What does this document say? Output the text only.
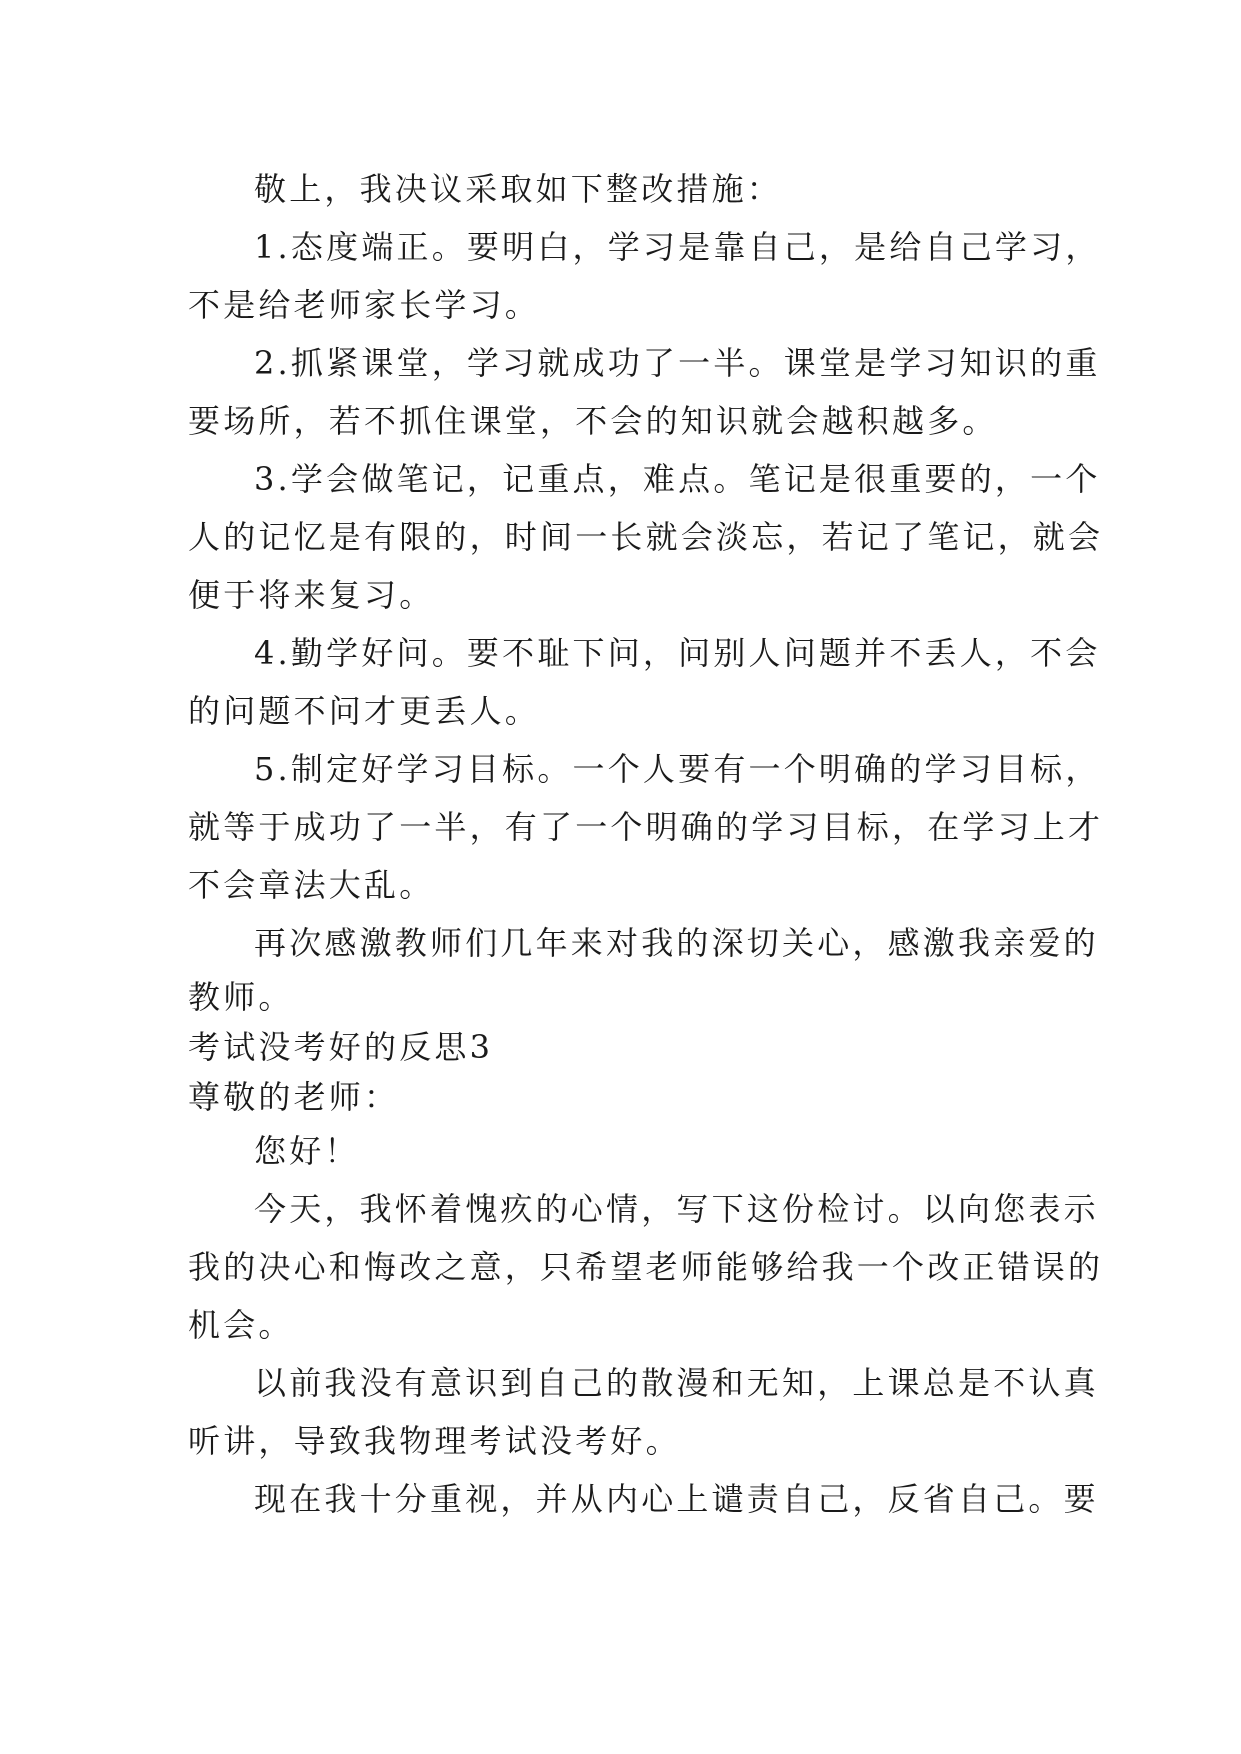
敬上，我决议采取如下整改措施：
1.态度端正。要明白，学习是靠自己，是给自己学习，
不是给老师家长学习。
2.抓紧课堂，学习就成功了一半。课堂是学习知识的重
要场所，若不抓住课堂，不会的知识就会越积越多。
3.学会做笔记，记重点，难点。笔记是很重要的，一个
人的记忆是有限的，时间一长就会淡忘，若记了笔记，就会
便于将来复习。
4.勤学好问。要不耻下问，问别人问题并不丢人，不会
的问题不问才更丢人。
5.制定好学习目标。一个人要有一个明确的学习目标，
就等于成功了一半，有了一个明确的学习目标，在学习上才
不会章法大乱。
再次感激教师们几年来对我的深切关心，感激我亲爱的
教师。
考试没考好的反思3
尊敬的老师：
您好！
今天，我怀着愧疚的心情，写下这份检讨。以向您表示
我的决心和悔改之意，只希望老师能够给我一个改正错误的
机会。
以前我没有意识到自己的散漫和无知，上课总是不认真
听讲，导致我物理考试没考好。
现在我十分重视，并从内心上谴责自己，反省自己。要
